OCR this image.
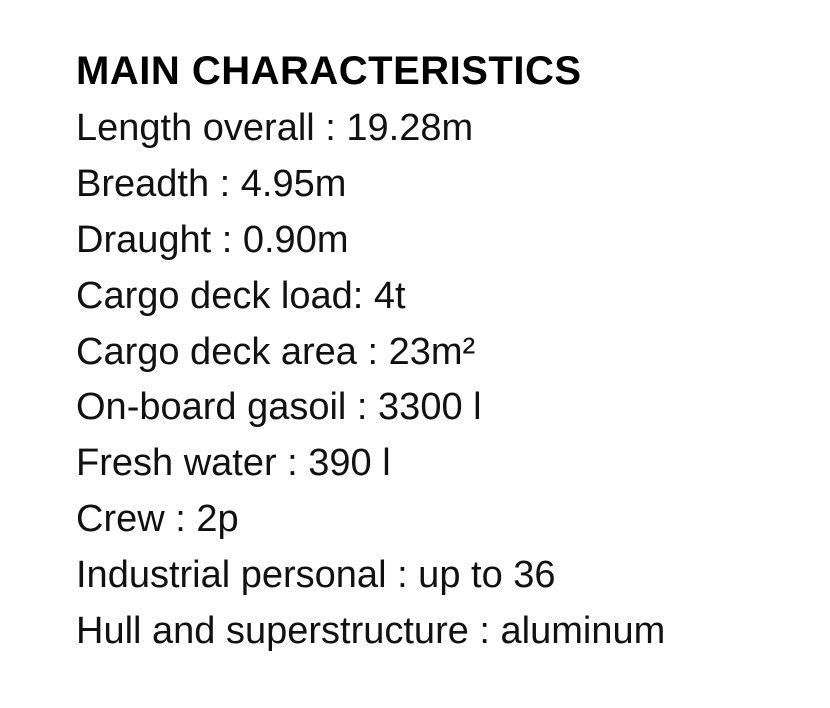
MAIN CHARACTERISTICS
Length overall : 19.28m
Breadth : 4.95m
Draught : 0.90m
Cargo deck load: 4t
Cargo deck area : 23m²
On-board gasoil : 3300 l
Fresh water : 390 l
Crew : 2p
Industrial personal : up to 36
Hull and superstructure : aluminum
